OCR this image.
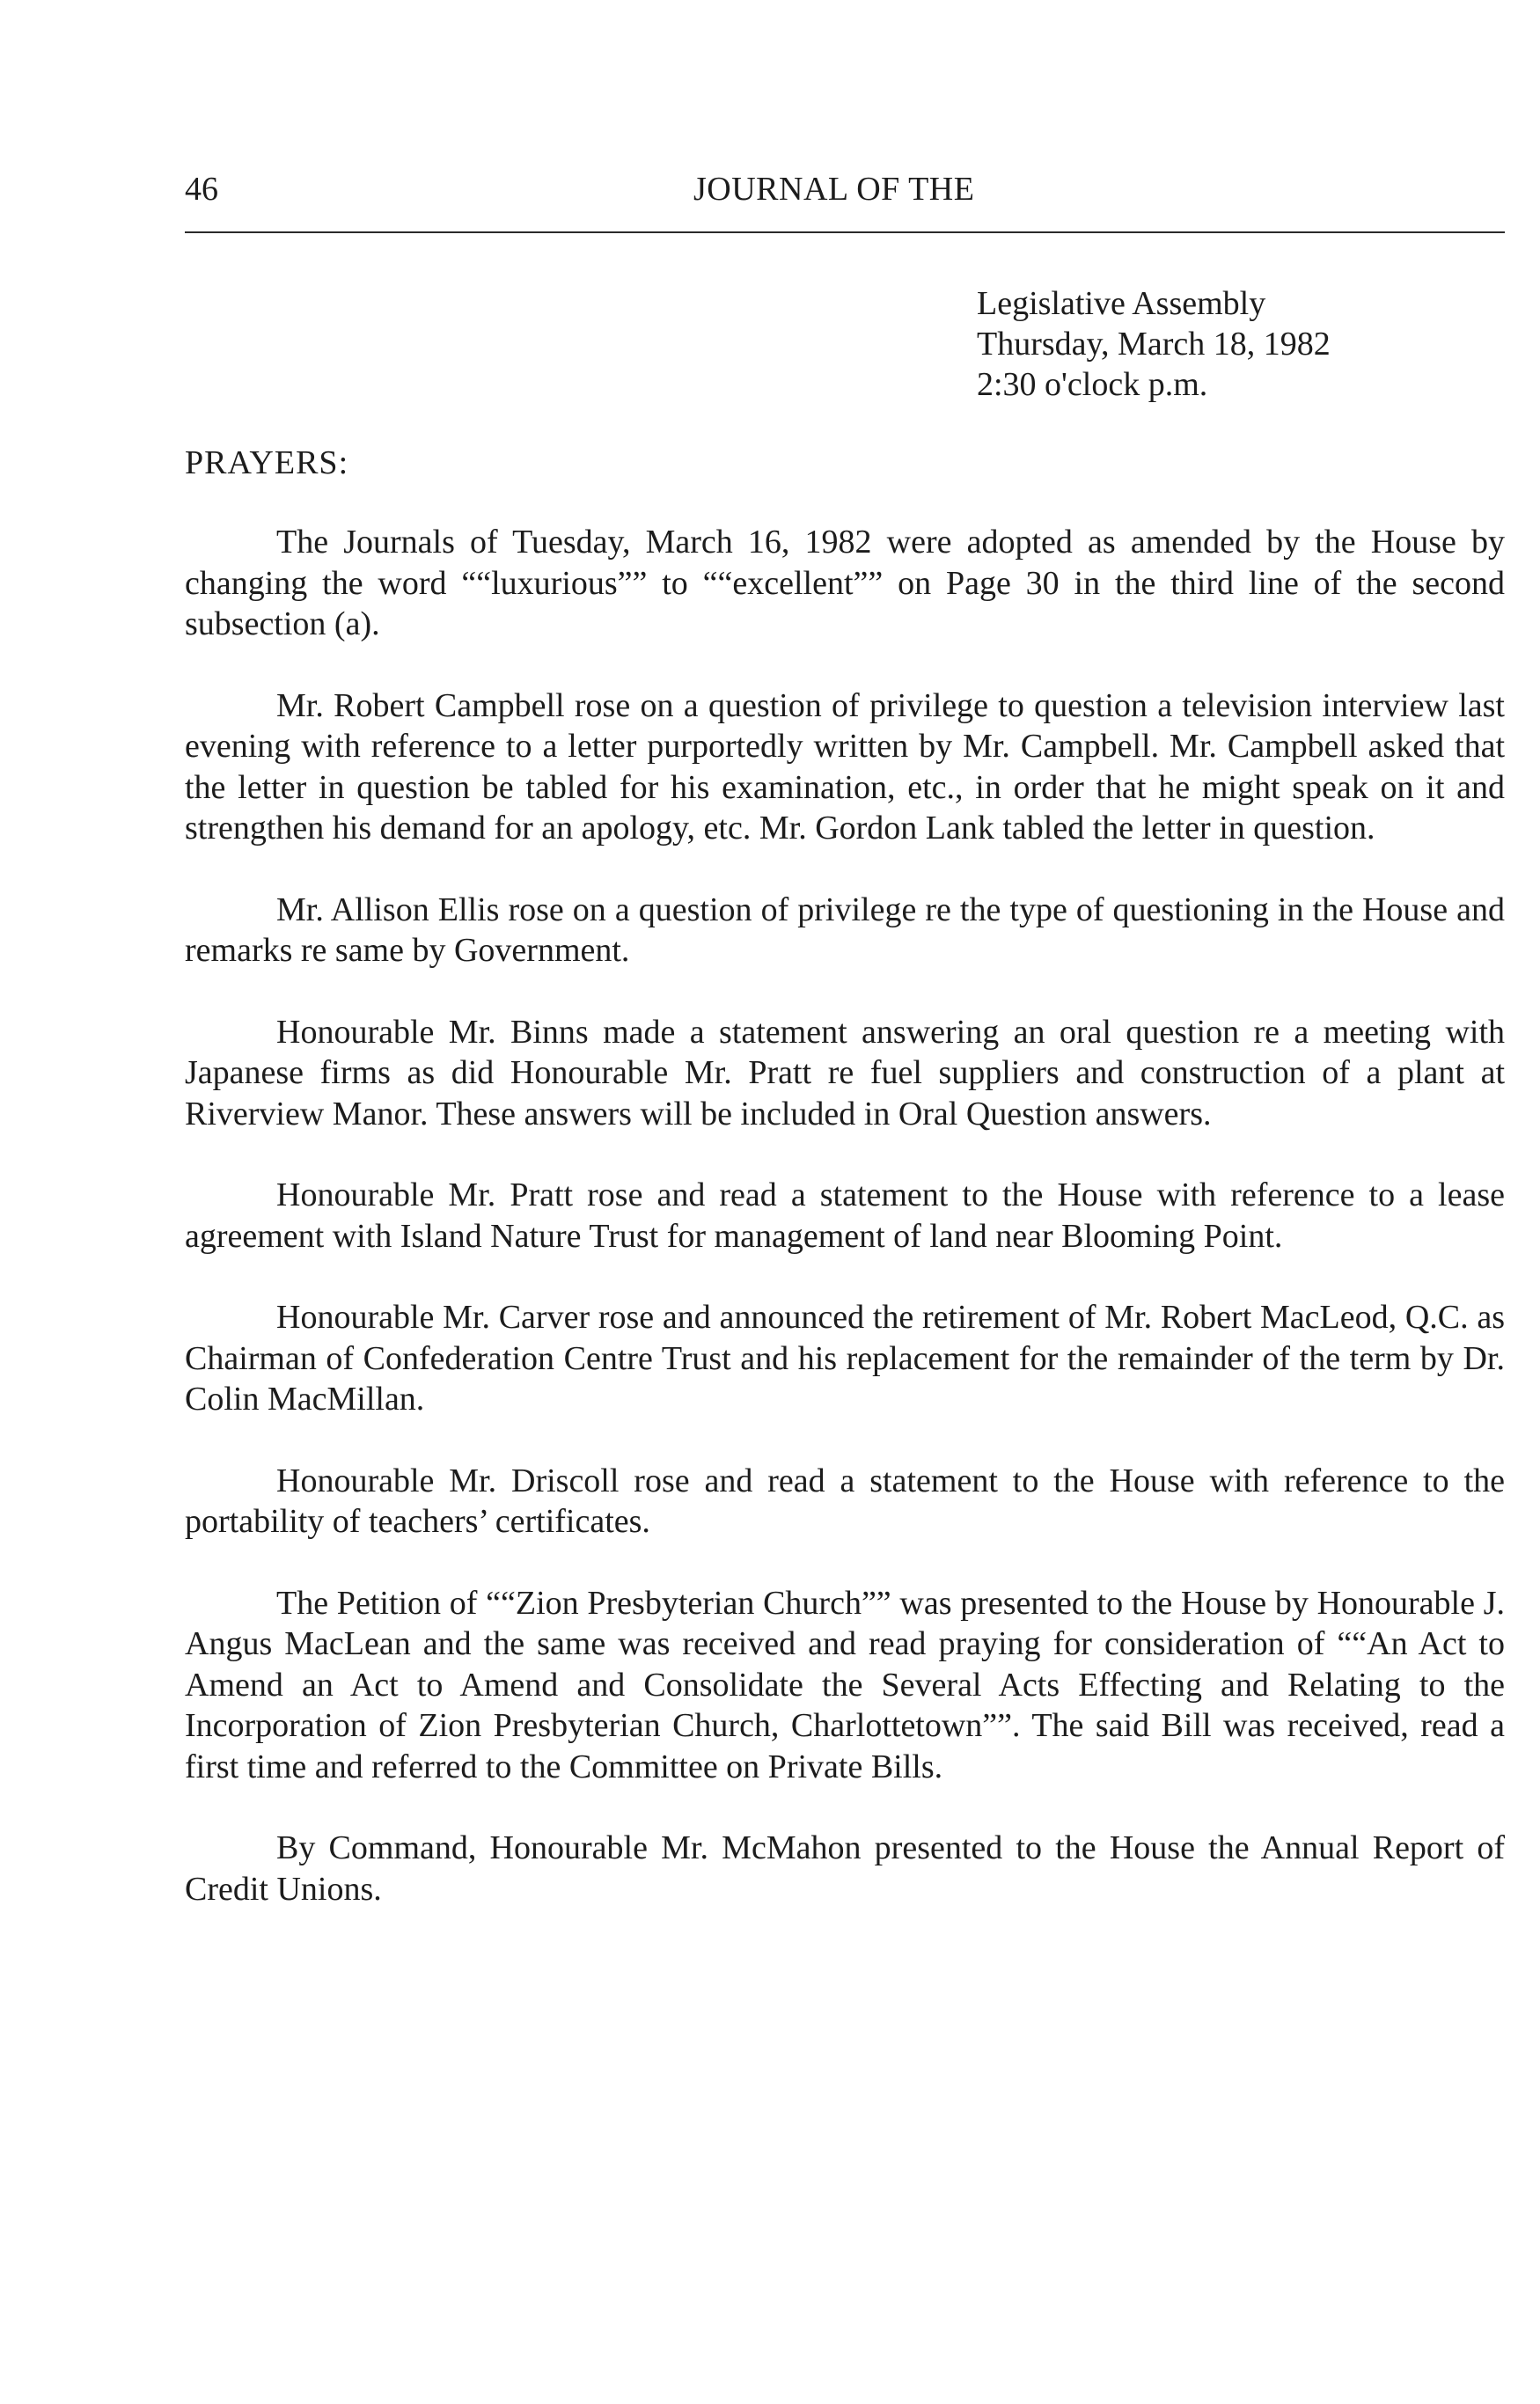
46	JOURNAL OF THE
Legislative Assembly
Thursday, March 18, 1982
2:30 o'clock p.m.
PRAYERS:

The Journals of Tuesday, March 16, 1982 were adopted as amended by the House by changing the word ““luxurious”” to ““excellent”” on Page 30 in the third line of the second subsection (a).

Mr. Robert Campbell rose on a question of privilege to question a television interview last evening with reference to a letter purportedly written by Mr. Campbell. Mr. Campbell asked that the letter in question be tabled for his examination, etc., in order that he might speak on it and strengthen his demand for an apology, etc. Mr. Gordon Lank tabled the letter in question.

Mr. Allison Ellis rose on a question of privilege re the type of questioning in the House and remarks re same by Government.

Honourable Mr. Binns made a statement answering an oral question re a meeting with Japanese firms as did Honourable Mr. Pratt re fuel suppliers and construction of a plant at Riverview Manor. These answers will be included in Oral Question answers.

Honourable Mr. Pratt rose and read a statement to the House with reference to a lease agreement with Island Nature Trust for management of land near Blooming Point.

Honourable Mr. Carver rose and announced the retirement of Mr. Robert MacLeod, Q.C. as Chairman of Confederation Centre Trust and his replacement for the remainder of the term by Dr. Colin MacMillan.

Honourable Mr. Driscoll rose and read a statement to the House with reference to the portability of teachers’ certificates.

The Petition of ““Zion Presbyterian Church”” was presented to the House by Honourable J. Angus MacLean and the same was received and read praying for consideration of ““An Act to Amend an Act to Amend and Consolidate the Several Acts Effecting and Relating to the Incorporation of Zion Presbyterian Church, Charlottetown””. The said Bill was received, read a first time and referred to the Committee on Private Bills.

By Command, Honourable Mr. McMahon presented to the House the Annual Report of Credit Unions.
